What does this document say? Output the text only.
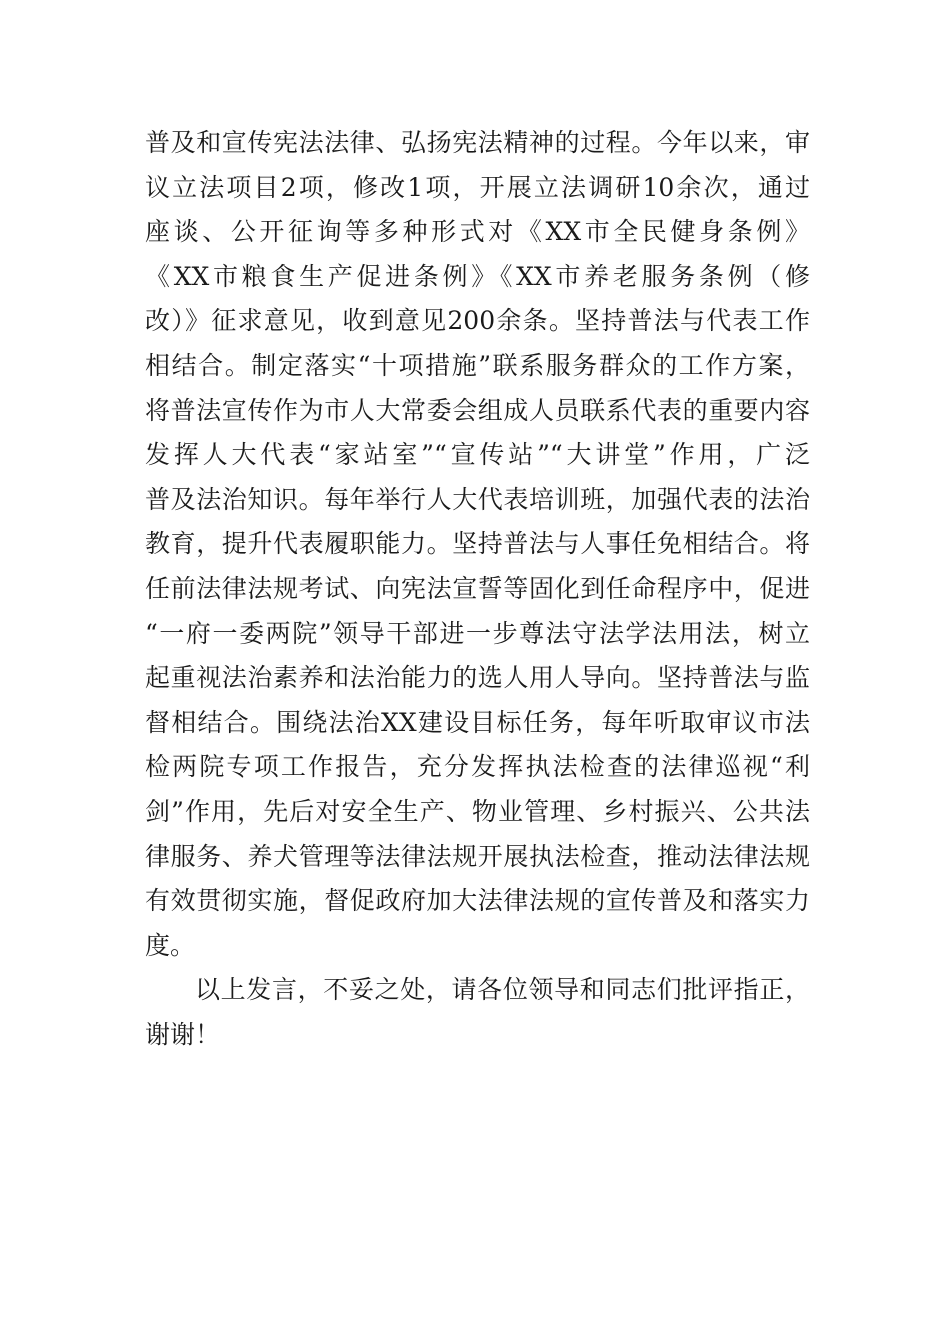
普及和宣传宪法法律、弘扬宪法精神的过程。今年以来，审
议立法项目2项，修改1项，开展立法调研10余次，通过
座谈、公开征询等多种形式对《XX市全民健身条例》
《XX市粮食生产促进条例》《XX市养老服务条例（修
改）》征求意见，收到意见200余条。坚持普法与代表工作
相结合。制定落实“十项措施”联系服务群众的工作方案，
将普法宣传作为市人大常委会组成人员联系代表的重要内容
发挥人大代表“家站室”“宣传站”“大讲堂”作用，广泛
普及法治知识。每年举行人大代表培训班，加强代表的法治
教育，提升代表履职能力。坚持普法与人事任免相结合。将
任前法律法规考试、向宪法宣誓等固化到任命程序中，促进
“一府一委两院”领导干部进一步尊法守法学法用法，树立
起重视法治素养和法治能力的选人用人导向。坚持普法与监
督相结合。围绕法治XX建设目标任务，每年听取审议市法
检两院专项工作报告，充分发挥执法检查的法律巡视“利
剑”作用，先后对安全生产、物业管理、乡村振兴、公共法
律服务、养犬管理等法律法规开展执法检查，推动法律法规
有效贯彻实施，督促政府加大法律法规的宣传普及和落实力
度。
以上发言，不妥之处，请各位领导和同志们批评指正，
谢谢！
